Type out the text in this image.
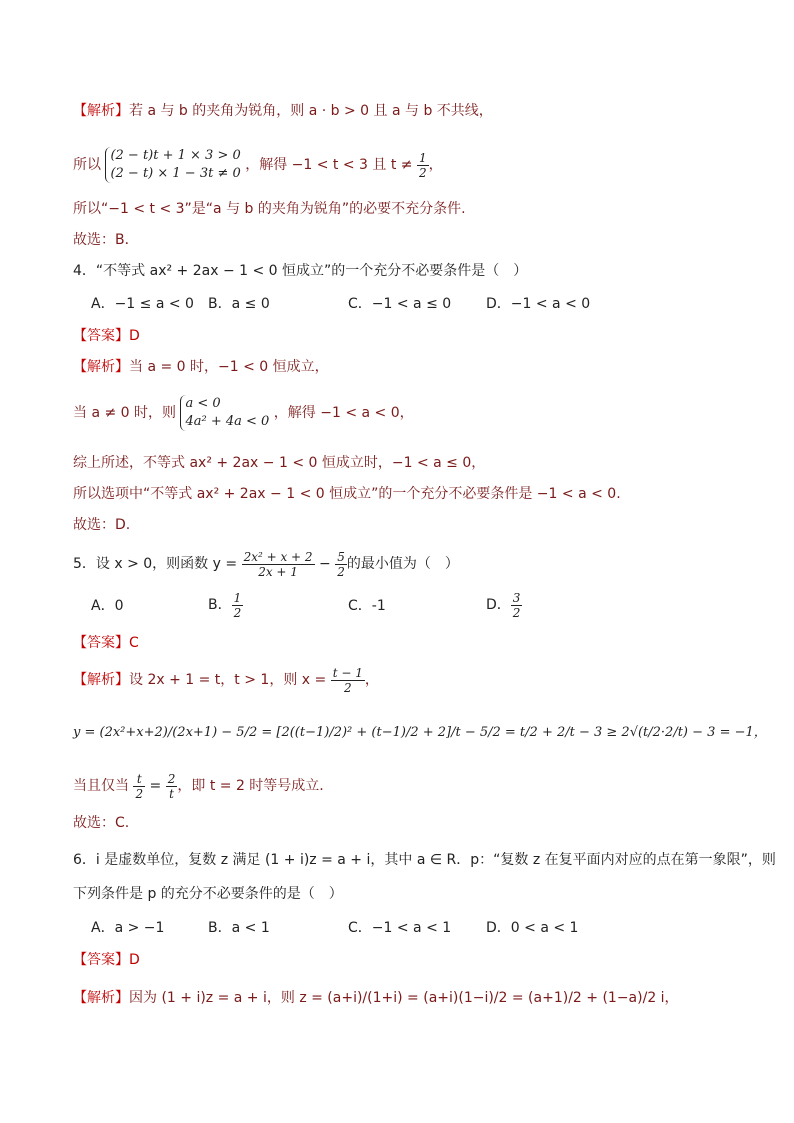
【解析】若 a 与 b 的夹角为锐角，则 a · b > 0 且 a 与 b 不共线，
所以
(2 − t)t + 1 × 3 > 0
(2 − t) × 1 − 3t ≠ 0
，解得 −1 < t < 3 且 $t \ne \frac{1}{2}$ ，
所以“−1 < t < 3”是“a 与 b 的夹角为锐角”的必要不充分条件.
故选：B．
4．“不等式 ax² + 2ax − 1 < 0 恒成立”的一个充分不必要条件是（　）
A．−1 ≤ a < 0 B．a ≤ 0	C．−1 < a ≤ 0 D．−1 < a < 0
【答案】D
【解析】当 a = 0 时，−1 < 0 恒成立，
当 a ≠ 0 时，则
a < 0
4a² + 4a < 0
，解得 −1 < a < 0，
综上所述，不等式 ax² + 2ax − 1 < 0 恒成立时，−1 < a ≤ 0，
所以选项中“不等式 ax² + 2ax − 1 < 0 恒成立”的一个充分不必要条件是 −1 < a < 0.
故选：D.
5．设 x > 0，则函数 $y = \frac{\text{2x² + x + 2}}{2x + 1} - \frac{5}{2}$ 的最小值为（　）
A．0	B． $\frac{1}{2}$	C．-1	D． $\frac{3}{2}$
【答案】C
【解析】设 2x + 1 = t，t > 1，则 $x = \frac{t - 1}{2}$ ，
y = (2x²+x+2)/(2x+1) − 5/2 = [2((t−1)/2)² + (t−1)/2 + 2]/t − 5/2 = t/2 + 2/t − 3 ≥ 2√(t/2·2/t) − 3 = −1，
当且仅当 $\frac{t}{2} = \frac{2}{t}$ ，即 t = 2 时等号成立.
故选：C.
6．i 是虚数单位，复数 z 满足 (1 + i)z = a + i，其中 a ∈ R．p：“复数 z 在复平面内对应的点在第一象限”，则
下列条件是 p 的充分不必要条件的是（　）
A．a > −1	B．a < 1	C．−1 < a < 1 D．0 < a < 1
【答案】D
【解析】因为 (1 + i)z = a + i，则 z = (a+i)/(1+i) = (a+i)(1−i)/2 = (a+1)/2 + (1−a)/2 i，
